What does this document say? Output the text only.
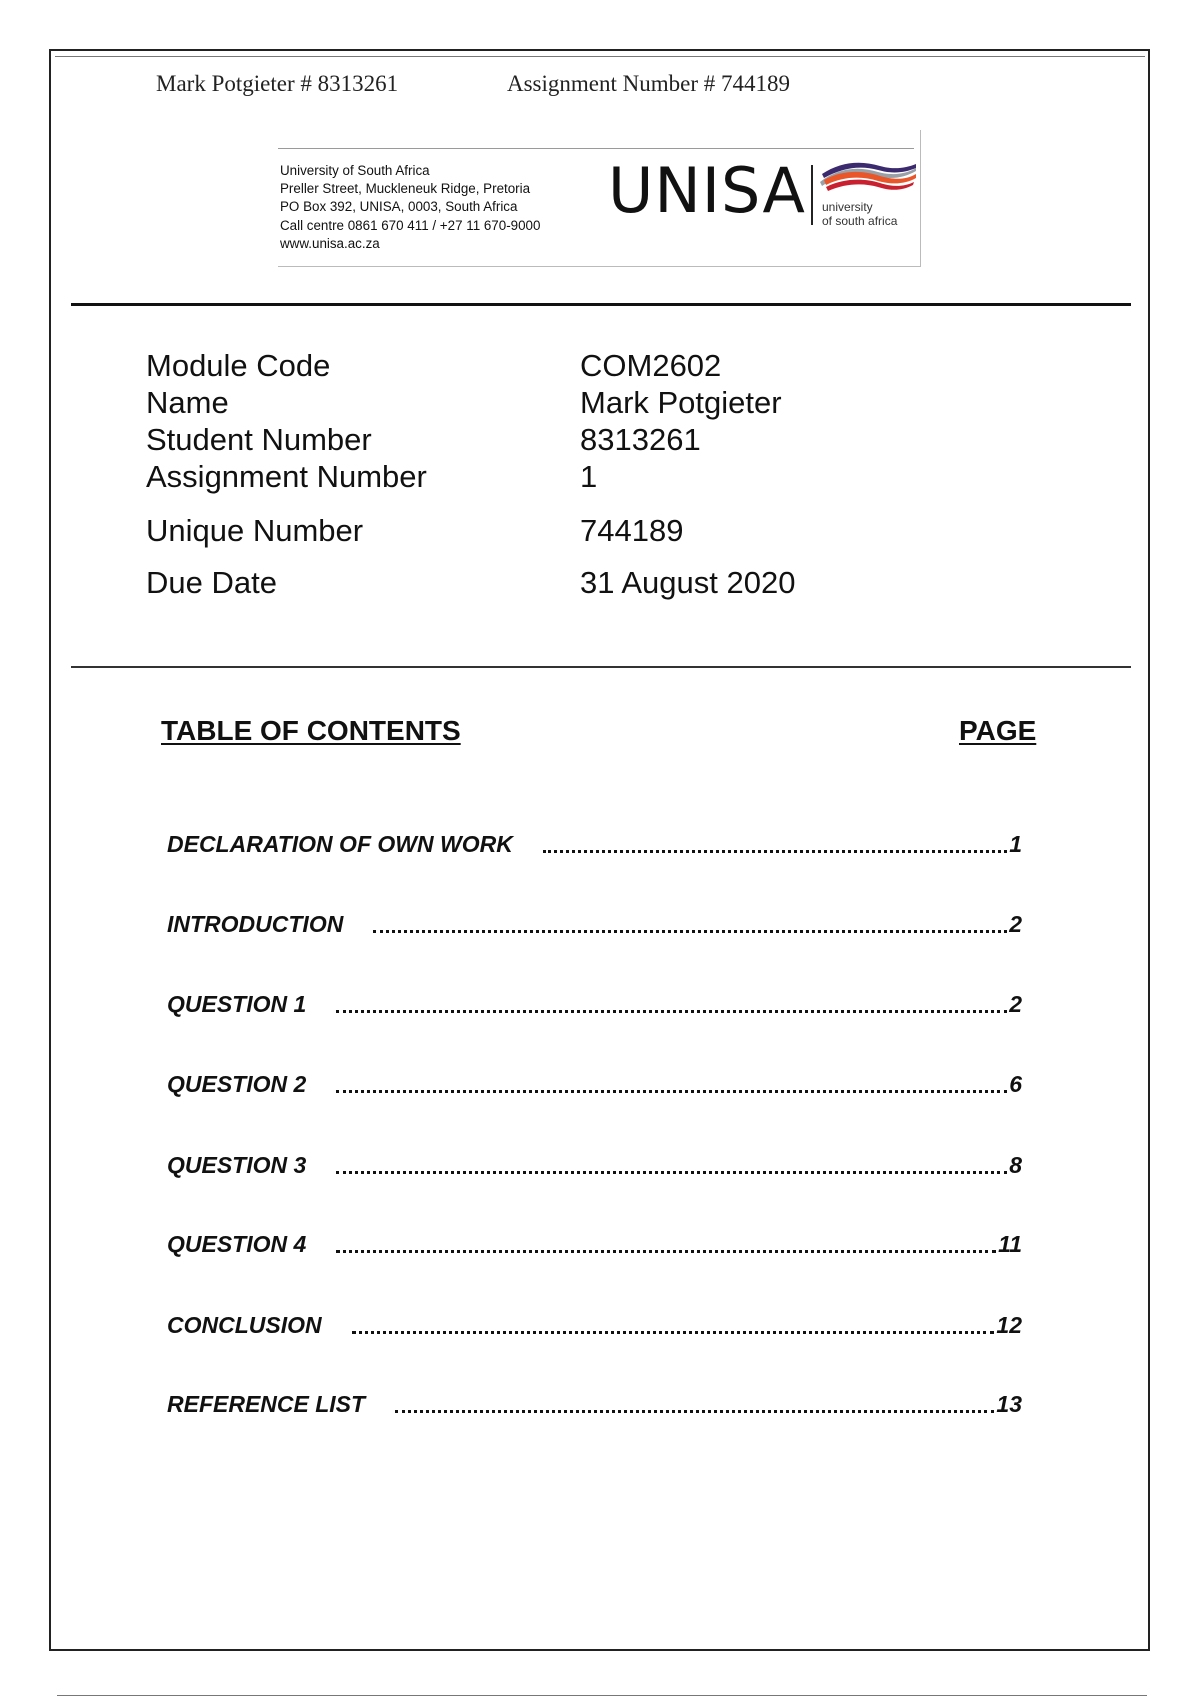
Mark Potgieter # 8313261	Assignment Number # 744189
University of South Africa
Preller Street, Muckleneuk Ridge, Pretoria
PO Box 392, UNISA, 0003, South Africa
Call centre 0861 670 411 / +27 11 670-9000
www.unisa.ac.za
UNISA university
of south africa
Module Code	COM2602
Name	Mark Potgieter
Student Number	8313261
Assignment Number	1
Unique Number	744189
Due Date	31 August 2020
TABLE OF CONTENTS	PAGE
DECLARATION OF OWN WORK	1
INTRODUCTION	2
QUESTION 1	2
QUESTION 2	6
QUESTION 3	8
QUESTION 4	11
CONCLUSION	12
REFERENCE LIST	13
